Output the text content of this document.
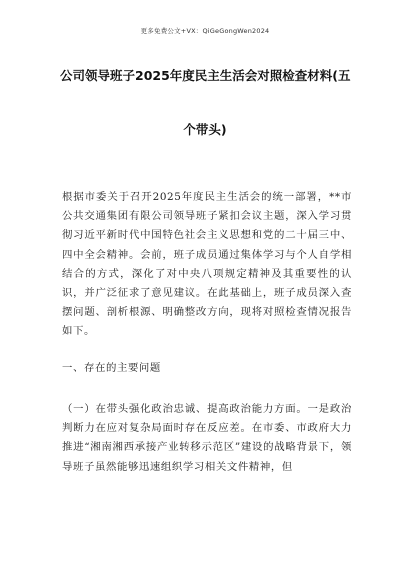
更多免费公文+VX：QiGeGongWen2024
公司领导班子2025年度民主生活会对照检查材料(五
个带头)
根据市委关于召开2025年度民主生活会的统一部署，**市公共交通集团有限公司领导班子紧扣会议主题，深入学习贯彻习近平新时代中国特色社会主义思想和党的二十届三中、四中全会精神。会前，班子成员通过集体学习与个人自学相结合的方式，深化了对中央八项规定精神及其重要性的认识，并广泛征求了意见建议。在此基础上，班子成员深入查摆问题、剖析根源、明确整改方向，现将对照检查情况报告如下。
一、存在的主要问题
（一）在带头强化政治忠诚、提高政治能力方面。一是政治判断力在应对复杂局面时存在反应差。在市委、市政府大力推进“湘南湘西承接产业转移示范区”建设的战略背景下，领导班子虽然能够迅速组织学习相关文件精神，但
